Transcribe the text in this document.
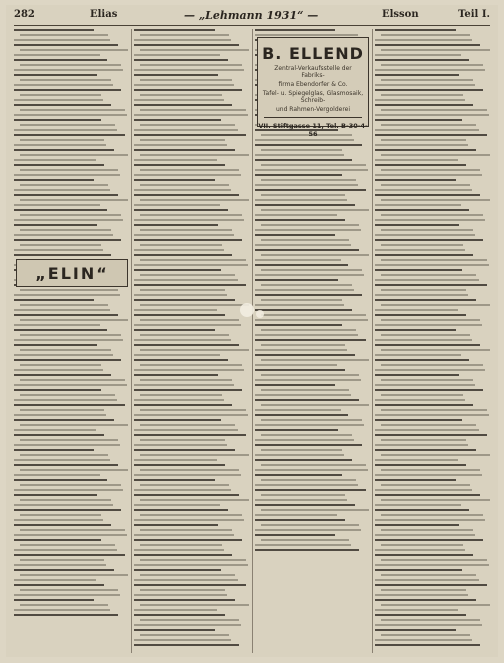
282	Elias	— „Lehmann 1931“ —	Elsson	Teil I.
„ELIN“
B. ELLEND
Zentral-Verkaufsstelle der Fabriks-
firma Ebendorfer & Co.
Tafel- u. Spiegelglas, Glasmosaik, Schreib-
und Rahmen-Vergolderei
VII. Stiftgasse 11, Tel. B-30-4-56
